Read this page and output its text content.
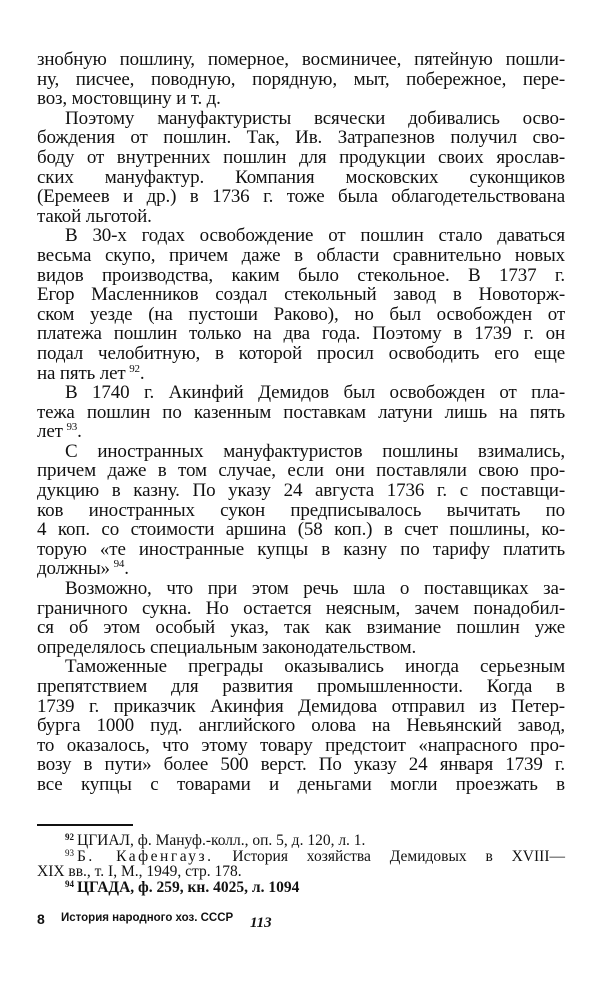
знобную пошлину, померное, восминичее, пятейную пошли-
ну, писчее, поводную, порядную, мыт, побережное, пере-
воз, мостовщину и т. д.
Поэтому мануфактуристы всячески добивались осво-
бождения от пошлин. Так, Ив. Затрапезнов получил сво-
боду от внутренних пошлин для продукции своих ярослав-
ских мануфактур. Компания московских суконщиков
(Еремеев и др.) в 1736 г. тоже была облагодетельствована
такой льготой.
В 30-х годах освобождение от пошлин стало даваться
весьма скупо, причем даже в области сравнительно новых
видов производства, каким было стекольное. В 1737 г.
Егор Масленников создал стекольный завод в Новоторж-
ском уезде (на пустоши Раково), но был освобожден от
платежа пошлин только на два года. Поэтому в 1739 г. он
подал челобитную, в которой просил освободить его еще
на пять лет  $^{92}$.
В 1740 г. Акинфий Демидов был освобожден от пла-
тежа пошлин по казенным поставкам латуни лишь на пять
лет  $^{93}$.
С иностранных мануфактуристов пошлины взимались,
причем даже в том случае, если они поставляли свою про-
дукцию в казну. По указу 24 августа 1736 г. с поставщи-
ков иностранных сукон предписывалось вычитать по
4 коп. со стоимости аршина (58 коп.) в счет пошлины, ко-
торую «те иностранные купцы в казну по тарифу платить
должны»  $^{94}$.
Возможно, что при этом речь шла о поставщиках за-
граничного сукна. Но остается неясным, зачем понадобил-
ся об этом особый указ, так как взимание пошлин уже
определялось специальным законодательством.
Таможенные преграды оказывались иногда серьезным
препятствием для развития промышленности. Когда в
1739 г. приказчик Акинфия Демидова отправил из Петер-
бурга 1000 пуд. английского олова на Невьянский завод,
то оказалось, что этому товару предстоит «напрасного про-
возу в пути» более 500 верст. По указу 24 января 1739 г.
все купцы с товарами и деньгами могли проезжать в
$^{92}$ ЦГИАЛ, ф. Мануф.-колл., оп. 5, д. 120, л. 1.
$^{93}$ Б. Кафенгауз. История хозяйства Демидовых в XVIII—
XIX вв., т. I, М., 1949, стр. 178.
$^{94}$ ЦГАДА, ф. 259, кн. 4025, л. 1094
8 История народного хоз. СССР 113
